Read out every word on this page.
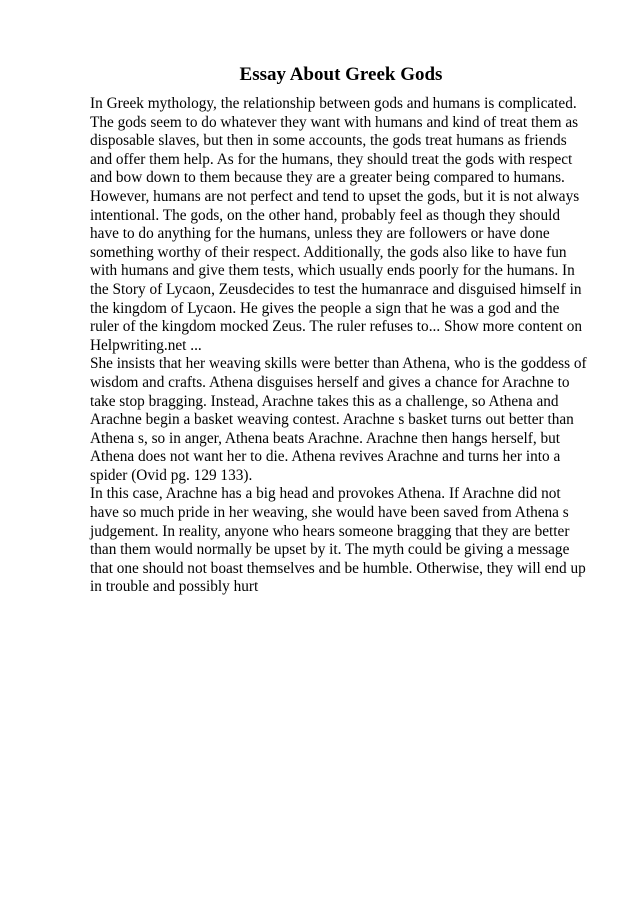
Essay About Greek Gods

In Greek mythology, the relationship between gods and humans is complicated. The gods seem to do whatever they want with humans and kind of treat them as disposable slaves, but then in some accounts, the gods treat humans as friends and offer them help. As for the humans, they should treat the gods with respect and bow down to them because they are a greater being compared to humans. However, humans are not perfect and tend to upset the gods, but it is not always intentional. The gods, on the other hand, probably feel as though they should have to do anything for the humans, unless they are followers or have done something worthy of their respect. Additionally, the gods also like to have fun with humans and give them tests, which usually ends poorly for the humans. In the Story of Lycaon, Zeusdecides to test the humanrace and disguised himself in the kingdom of Lycaon. He gives the people a sign that he was a god and the ruler of the kingdom mocked Zeus. The ruler refuses to... Show more content on Helpwriting.net ...

She insists that her weaving skills were better than Athena, who is the goddess of wisdom and crafts. Athena disguises herself and gives a chance for Arachne to take stop bragging. Instead, Arachne takes this as a challenge, so Athena and Arachne begin a basket weaving contest. Arachne s basket turns out better than Athena s, so in anger, Athena beats Arachne. Arachne then hangs herself, but Athena does not want her to die. Athena revives Arachne and turns her into a spider (Ovid pg. 129 133).

In this case, Arachne has a big head and provokes Athena. If Arachne did not have so much pride in her weaving, she would have been saved from Athena s judgement. In reality, anyone who hears someone bragging that they are better than them would normally be upset by it. The myth could be giving a message that one should not boast themselves and be humble. Otherwise, they will end up in trouble and possibly hurt
